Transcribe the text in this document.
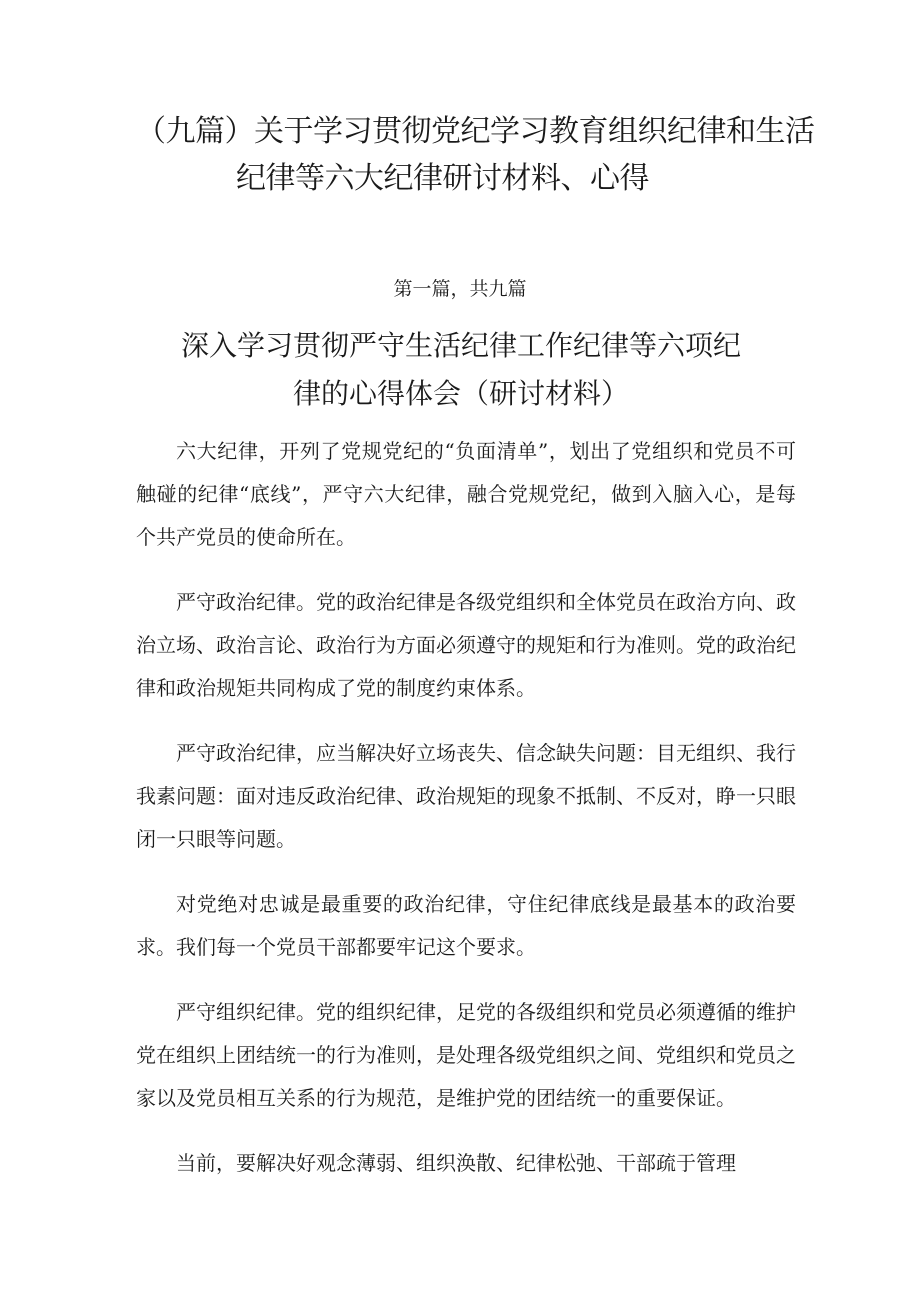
（九篇）关于学习贯彻党纪学习教育组织纪律和生活
纪律等六大纪律研讨材料、心得
第一篇，共九篇
深入学习贯彻严守生活纪律工作纪律等六项纪
律的心得体会（研讨材料）

六大纪律，开列了党规党纪的“负面清单”，划出了党组织和党员不可触碰的纪律“底线”，严守六大纪律，融合党规党纪，做到入脑入心，是每个共产党员的使命所在。

严守政治纪律。党的政治纪律是各级党组织和全体党员在政治方向、政治立场、政治言论、政治行为方面必须遵守的规矩和行为准则。党的政治纪律和政治规矩共同构成了党的制度约束体系。

严守政治纪律，应当解决好立场丧失、信念缺失问题：目无组织、我行我素问题：面对违反政治纪律、政治规矩的现象不抵制、不反对，睁一只眼闭一只眼等问题。

对党绝对忠诚是最重要的政治纪律，守住纪律底线是最基本的政治要求。我们每一个党员干部都要牢记这个要求。

严守组织纪律。党的组织纪律，足党的各级组织和党员必须遵循的维护党在组织上团结统一的行为准则，是处理各级党组织之间、党组织和党员之家以及党员相互关系的行为规范，是维护党的团结统一的重要保证。

当前，要解决好观念薄弱、组织涣散、纪律松弛、干部疏于管理
